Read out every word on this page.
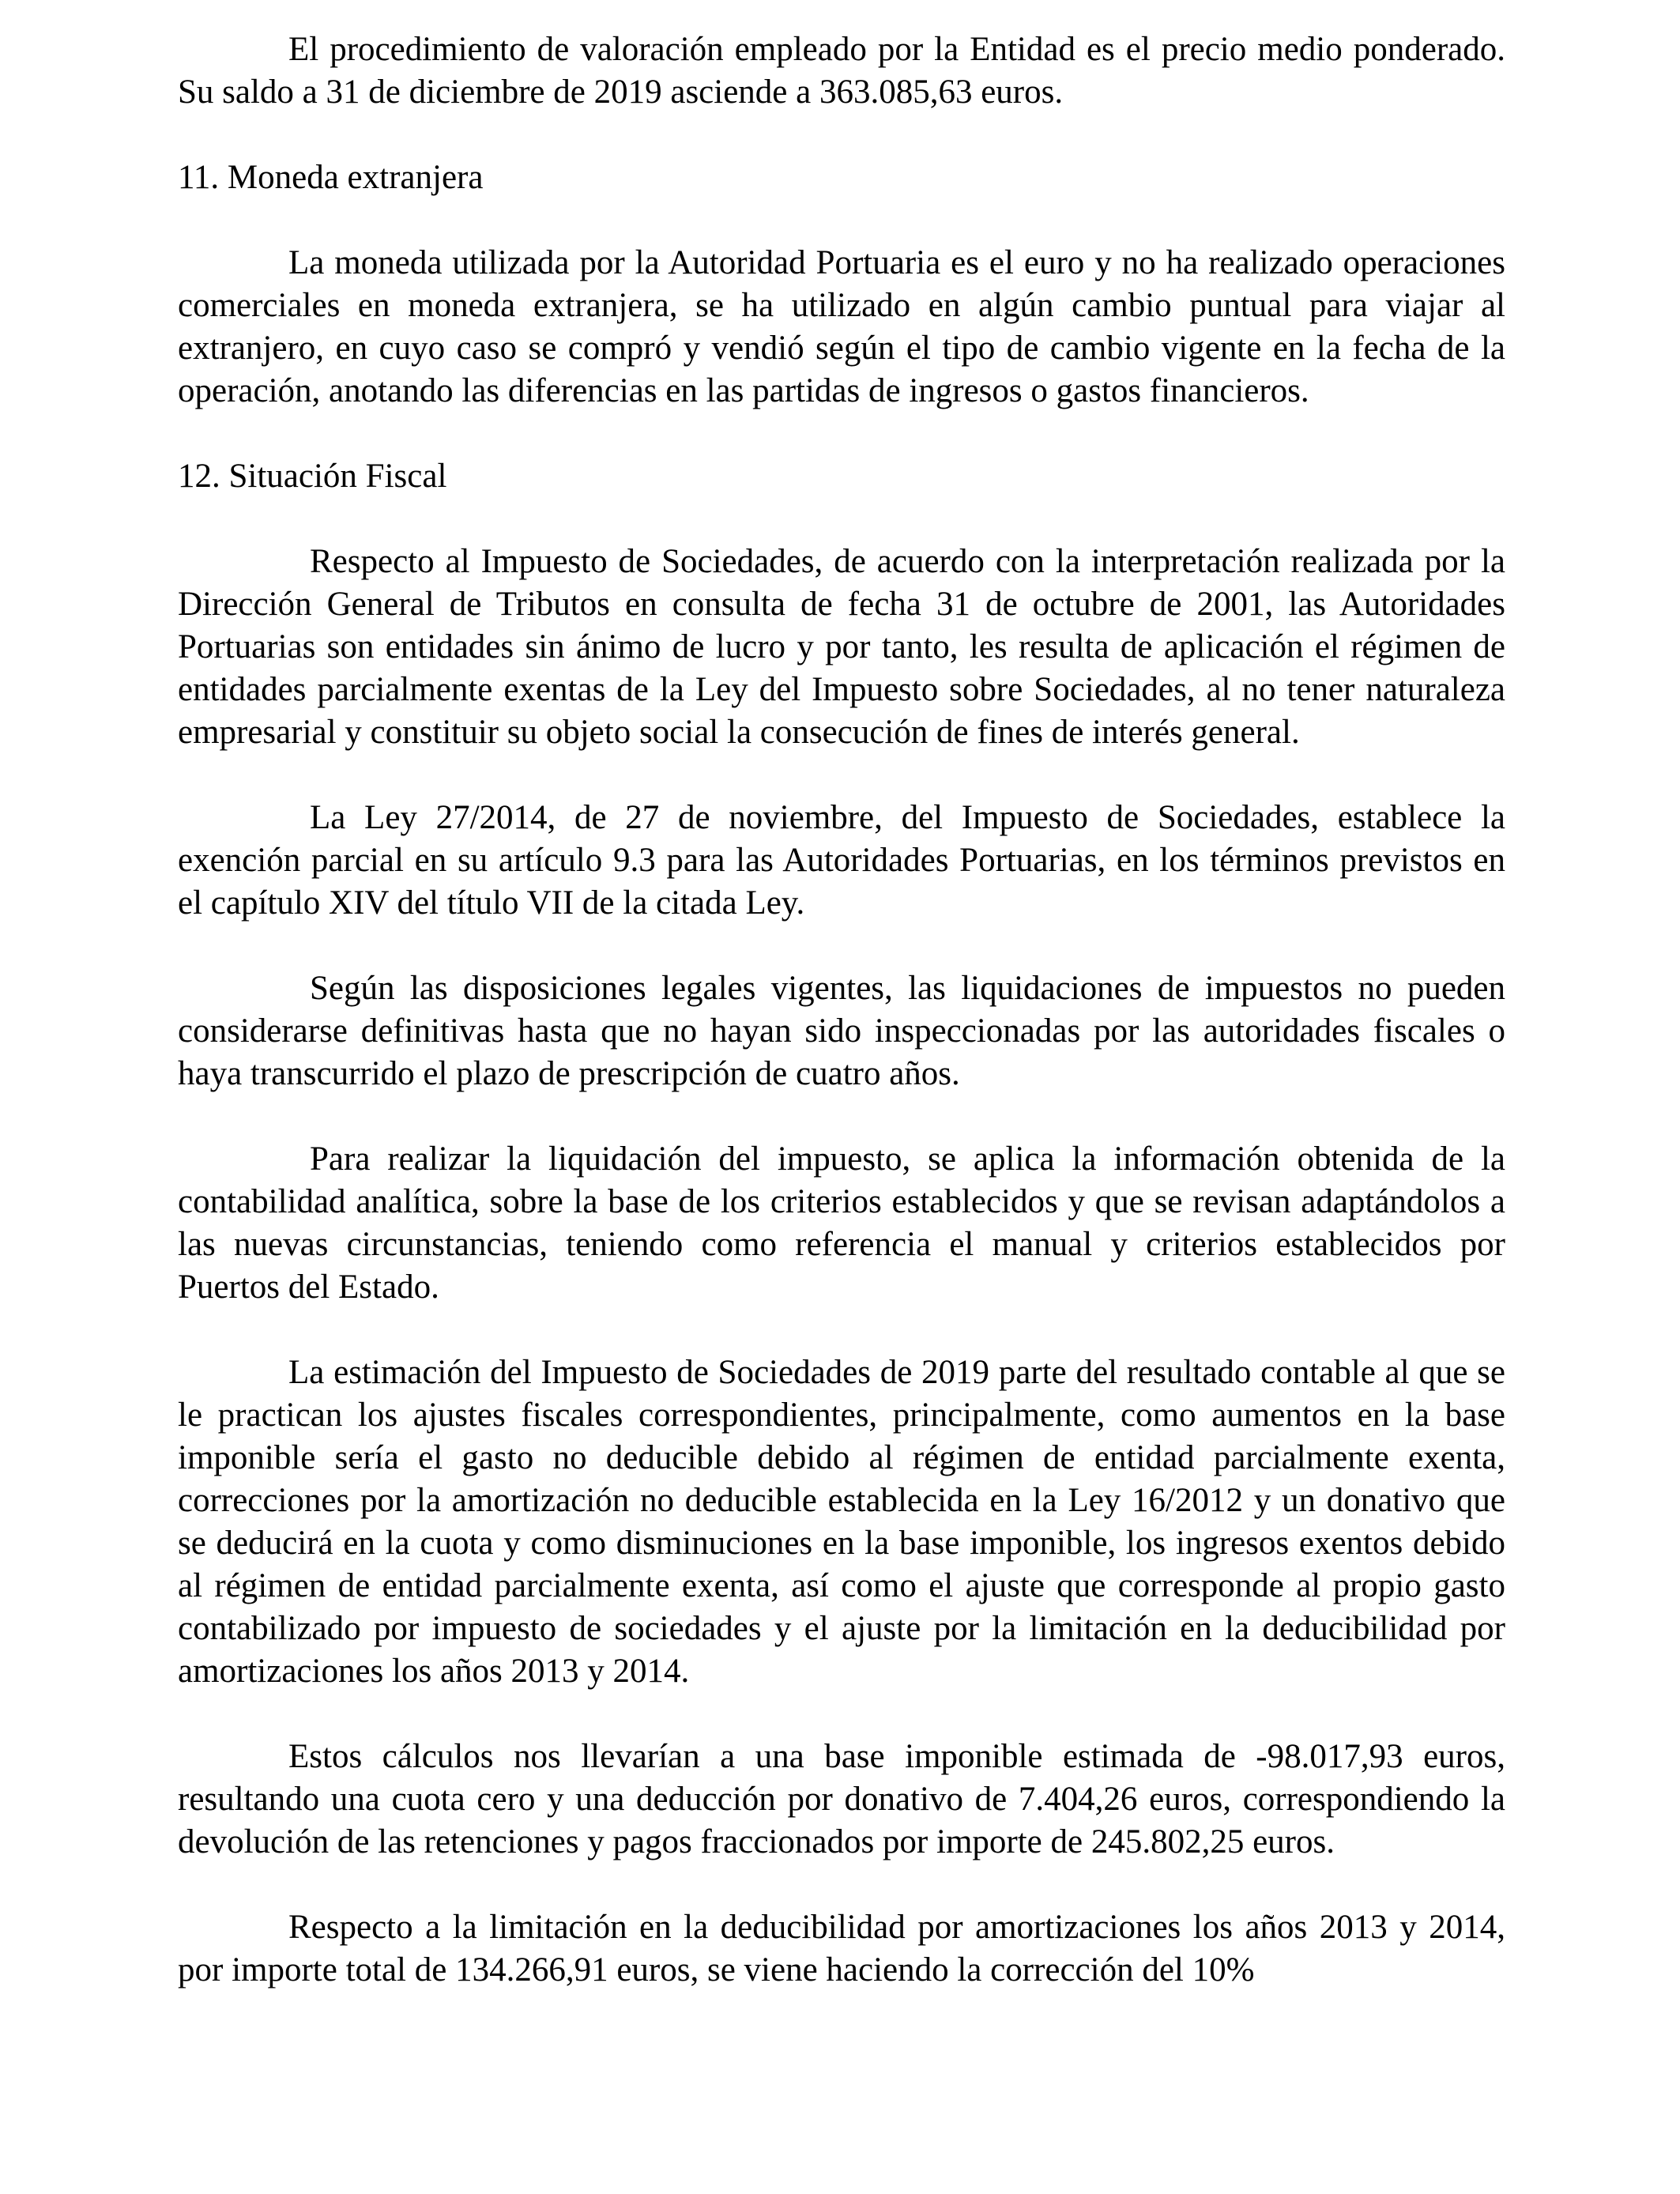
El procedimiento de valoración empleado por la Entidad es el precio medio ponderado. Su saldo a 31 de diciembre de 2019 asciende a 363.085,63 euros.

11. Moneda extranjera

La moneda utilizada por la Autoridad Portuaria es el euro y no ha realizado operaciones comerciales en moneda extranjera, se ha utilizado en algún cambio puntual para viajar al extranjero, en cuyo caso se compró y vendió según el tipo de cambio vigente en la fecha de la operación, anotando las diferencias en las partidas de ingresos o gastos financieros.

12. Situación Fiscal

Respecto al Impuesto de Sociedades, de acuerdo con la interpretación realizada por la Dirección General de Tributos en consulta de fecha 31 de octubre de 2001, las Autoridades Portuarias son entidades sin ánimo de lucro y por tanto, les resulta de aplicación el régimen de entidades parcialmente exentas de la Ley del Impuesto sobre Sociedades, al no tener naturaleza empresarial y constituir su objeto social la consecución de fines de interés general.

La Ley 27/2014, de 27 de noviembre, del Impuesto de Sociedades, establece la exención parcial en su artículo 9.3 para las Autoridades Portuarias, en los términos previstos en el capítulo XIV del título VII de la citada Ley.

Según las disposiciones legales vigentes, las liquidaciones de impuestos no pueden considerarse definitivas hasta que no hayan sido inspeccionadas por las autoridades fiscales o haya transcurrido el plazo de prescripción de cuatro años.

Para realizar la liquidación del impuesto, se aplica la información obtenida de la contabilidad analítica, sobre la base de los criterios establecidos y que se revisan adaptándolos a las nuevas circunstancias, teniendo como referencia el manual y criterios establecidos por Puertos del Estado.

La estimación del Impuesto de Sociedades de 2019 parte del resultado contable al que se le practican los ajustes fiscales correspondientes, principalmente, como aumentos en la base imponible sería el gasto no deducible debido al régimen de entidad parcialmente exenta, correcciones por la amortización no deducible establecida en la Ley 16/2012 y un donativo que se deducirá en la cuota y como disminuciones en la base imponible, los ingresos exentos debido al régimen de entidad parcialmente exenta, así como el ajuste que corresponde al propio gasto contabilizado por impuesto de sociedades y el ajuste por la limitación en la deducibilidad por amortizaciones los años 2013 y 2014.

Estos cálculos nos llevarían a una base imponible estimada de -98.017,93 euros, resultando una cuota cero y una deducción por donativo de 7.404,26 euros, correspondiendo la devolución de las retenciones y pagos fraccionados por importe de 245.802,25 euros.

Respecto a la limitación en la deducibilidad por amortizaciones los años 2013 y 2014, por importe total de 134.266,91 euros, se viene haciendo la corrección del 10%
